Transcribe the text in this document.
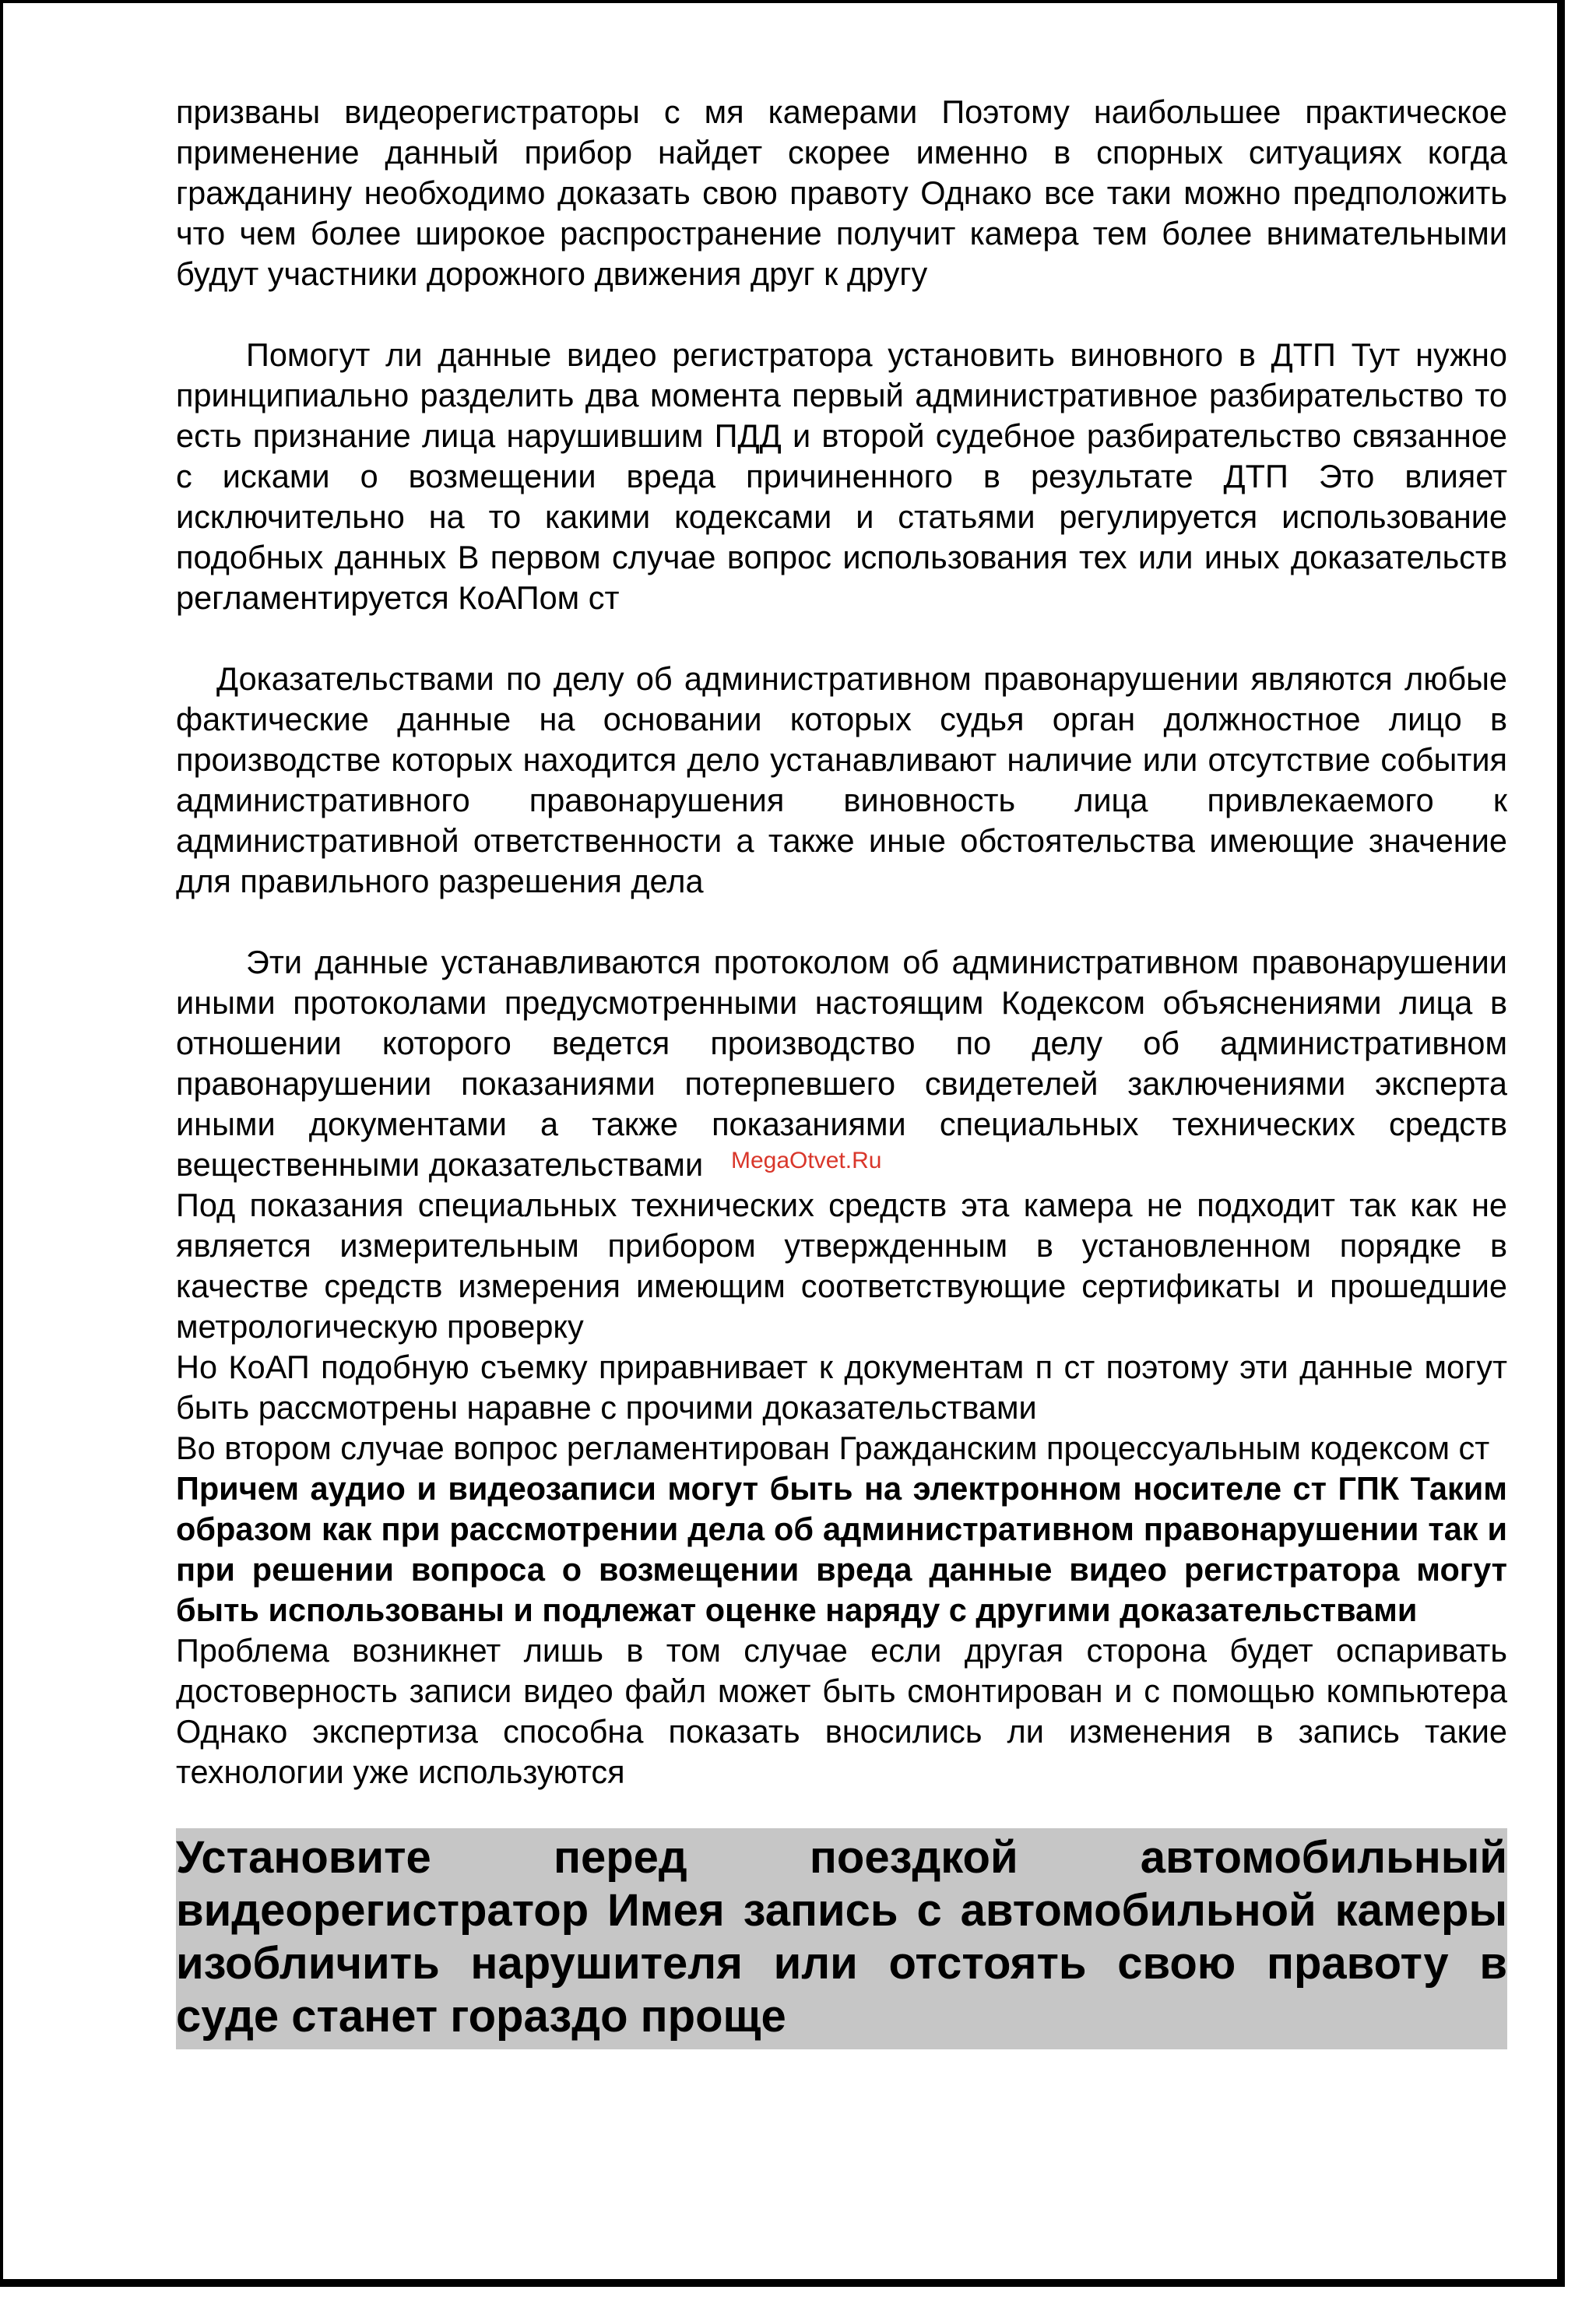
призваны видеорегистраторы с мя камерами Поэтому наибольшее практическое применение данный прибор найдет скорее именно в спорных ситуациях когда гражданину необходимо доказать свою правоту Однако все таки можно предположить что чем более широкое распространение получит камера тем более внимательными будут участники дорожного движения друг к другу

Помогут ли данные видео регистратора установить виновного в ДТП Тут нужно принципиально разделить два момента первый административное разбирательство то есть признание лица нарушившим ПДД и второй судебное разбирательство связанное с исками о возмещении вреда причиненного в результате ДТП Это влияет исключительно на то какими кодексами и статьями регулируется использование подобных данных В первом случае вопрос использования тех или иных доказательств регламентируется КоАПом ст

Доказательствами по делу об административном правонарушении являются любые фактические данные на основании которых судья орган должностное лицо в производстве которых находится дело устанавливают наличие или отсутствие события административного правонарушения виновность лица привлекаемого к административной ответственности а также иные обстоятельства имеющие значение для правильного разрешения дела

Эти данные устанавливаются протоколом об административном правонарушении иными протоколами предусмотренными настоящим Кодексом объяснениями лица в отношении которого ведется производство по делу об административном правонарушении показаниями потерпевшего свидетелей заключениями эксперта иными документами а также показаниями специальных технических средств вещественными доказательствами

Под показания специальных технических средств эта камера не подходит так как не является измерительным прибором утвержденным в установленном порядке в качестве средств измерения имеющим соответствующие сертификаты и прошедшие метрологическую проверку

Но КоАП подобную съемку приравнивает к документам п ст поэтому эти данные могут быть рассмотрены наравне с прочими доказательствами

Во втором случае вопрос регламентирован Гражданским процессуальным кодексом ст

Причем аудио и видеозаписи могут быть на электронном носителе ст ГПК Таким образом как при рассмотрении дела об административном правонарушении так и при решении вопроса о возмещении вреда данные видео регистратора могут быть использованы и подлежат оценке наряду с другими доказательствами

Проблема возникнет лишь в том случае если другая сторона будет оспаривать достоверность записи видео файл может быть смонтирован и с помощью компьютера Однако экспертиза способна показать вносились ли изменения в запись такие технологии уже используются

Установите перед поездкой автомобильный видеорегистратор Имея запись с автомобильной камеры изобличить нарушителя или отстоять свою правоту в суде станет гораздо проще
MegaOtvet.Ru
